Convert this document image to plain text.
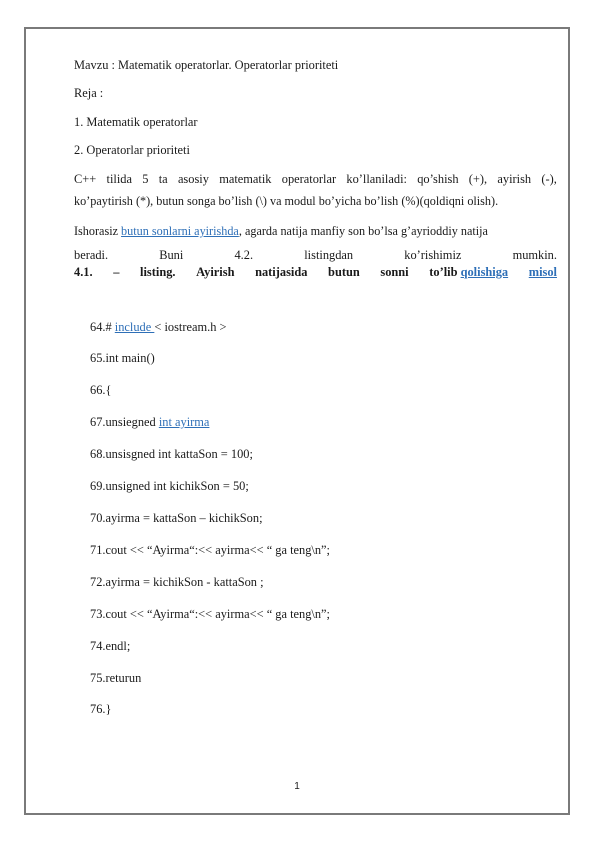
Mavzu : Matematik operatorlar. Operatorlar prioriteti
Reja :
1. Matematik operatorlar
2. Operatorlar prioriteti
C++ tilida 5 ta asosiy matematik operatorlar ko’llaniladi: qo’shish (+), ayirish (-),
ko’paytirish (*), butun songa bo’lish (\) va modul bo’yicha bo’lish (%)(qoldiqni olish).
Ishorasiz butun sonlarni ayirishda, agarda natija manfiy son bo’lsa g’ayrioddiy natija
beradi.	Buni	4.2.	listingdan	ko’rishimiz	mumkin.
4.1. – listing. Ayirish natijasida butun sonni to’lib qolishiga misol
64.# include < iostream.h >
65.int main()
66.{
67.unsiegned int ayirma
68.unsisgned int kattaSon = 100;
69.unsigned int kichikSon = 50;
70.ayirma = kattaSon – kichikSon;
71.cout << “Ayirma“:<< ayirma<< “ ga teng\n”;
72.ayirma = kichikSon - kattaSon ;
73.cout << “Ayirma“:<< ayirma<< “ ga teng\n”;
74.endl;
75.returun
76.}
1
